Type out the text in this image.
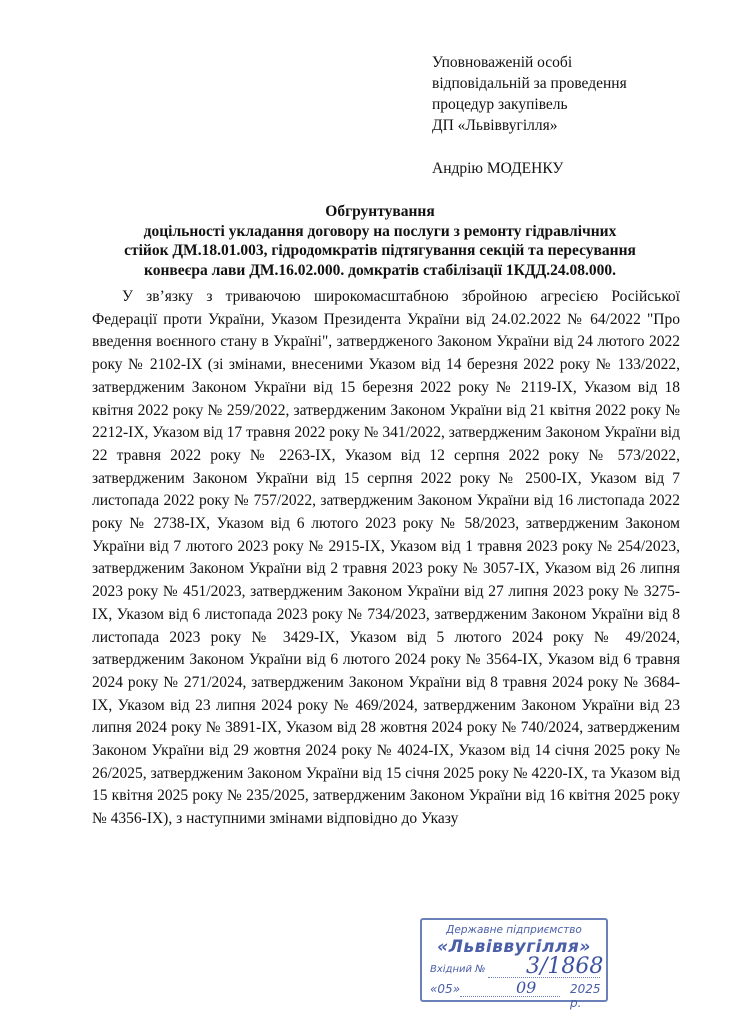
Уповноваженій особі
відповідальній за проведення
процедур закупівель
ДП «Львіввугілля»
Андрію МОДЕНКУ
Обгрунтування
доцільності укладання договору на послуги з ремонту гідравлічних
стійок ДМ.18.01.003, гідродомкратів підтягування секцій та пересування
конвеєра лави ДМ.16.02.000. домкратів стабілізації 1КДД.24.08.000.

У зв’язку з триваючою широкомасштабною збройною агресією Російської Федерації проти України, Указом Президента України від 24.02.2022 № 64/2022 "Про введення воєнного стану в Україні", затвердженого Законом України від 24 лютого 2022 року № 2102-IX (зі змінами, внесеними Указом від 14 березня 2022 року № 133/2022, затвердженим Законом України від 15 березня 2022 року № 2119-IX, Указом від 18 квітня 2022 року № 259/2022, затвердженим Законом України від 21 квітня 2022 року № 2212-IX, Указом від 17 травня 2022 року № 341/2022, затвердженим Законом України від 22 травня 2022 року № 2263-IX, Указом від 12 серпня 2022 року № 573/2022, затвердженим Законом України від 15 серпня 2022 року № 2500-IX, Указом від 7 листопада 2022 року № 757/2022, затвердженим Законом України від 16 листопада 2022 року № 2738-IX, Указом від 6 лютого 2023 року № 58/2023, затвердженим Законом України від 7 лютого 2023 року № 2915-IX, Указом від 1 травня 2023 року № 254/2023, затвердженим Законом України від 2 травня 2023 року № 3057-IX, Указом від 26 липня 2023 року № 451/2023, затвердженим Законом України від 27 липня 2023 року № 3275-IX, Указом від 6 листопада 2023 року № 734/2023, затвердженим Законом України від 8 листопада 2023 року № 3429-IX, Указом від 5 лютого 2024 року № 49/2024, затвердженим Законом України від 6 лютого 2024 року № 3564-IX, Указом від 6 травня 2024 року № 271/2024, затвердженим Законом України від 8 травня 2024 року № 3684-IX, Указом від 23 липня 2024 року № 469/2024, затвердженим Законом України від 23 липня 2024 року № 3891-IX, Указом від 28 жовтня 2024 року № 740/2024, затвердженим Законом України від 29 жовтня 2024 року № 4024-IX, Указом від 14 січня 2025 року № 26/2025, затвердженим Законом України від 15 січня 2025 року № 4220-IX, та Указом від 15 квітня 2025 року № 235/2025, затвердженим Законом України від 16 квітня 2025 року № 4356-IX), з наступними змінами відповідно до Указу

Державне підприємство
«Львіввугілля»
Вхідний № 3/1868
«05»	09	2025 р.
